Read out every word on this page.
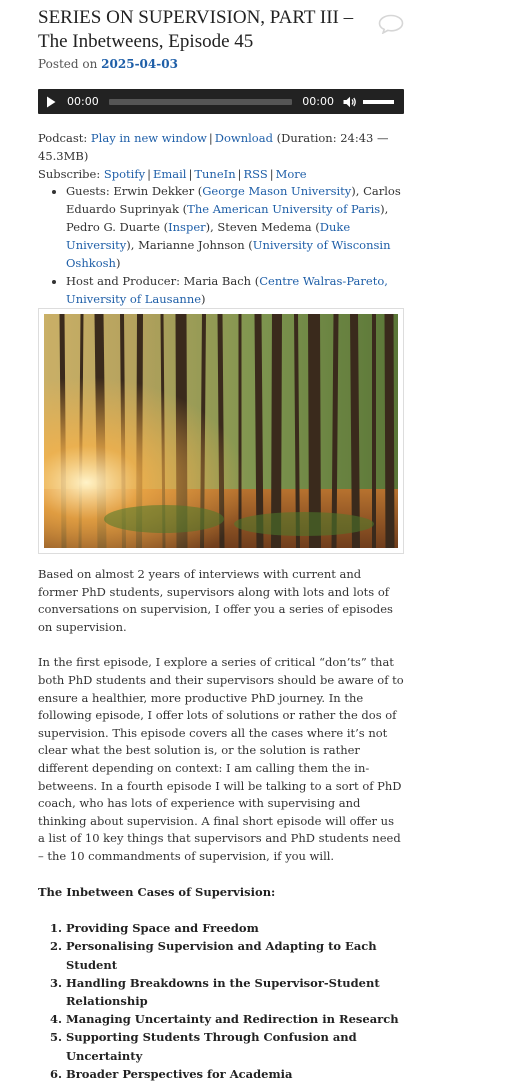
SERIES ON SUPERVISION, PART III – The Inbetweens, Episode 45
Posted on 2025-04-03
00:00	00:00
Podcast: Play in new window | Download (Duration: 24:43 — 45.3MB)
Subscribe: Spotify | Email | TuneIn | RSS | More
• Guests: Erwin Dekker (George Mason University), Carlos Eduardo Suprinyak (The American University of Paris), Pedro G. Duarte (Insper), Steven Medema (Duke University), Marianne Johnson (University of Wisconsin Oshkosh)
• Host and Producer: Maria Bach (Centre Walras-Pareto, University of Lausanne)

Based on almost 2 years of interviews with current and former PhD students, supervisors along with lots and lots of conversations on supervision, I offer you a series of episodes on supervision.

In the first episode, I explore a series of critical “don’ts” that both PhD students and their supervisors should be aware of to ensure a healthier, more productive PhD journey. In the following episode, I offer lots of solutions or rather the dos of supervision. This episode covers all the cases where it’s not clear what the best solution is, or the solution is rather different depending on context: I am calling them the in-betweens. In a fourth episode I will be talking to a sort of PhD coach, who has lots of experience with supervising and thinking about supervision. A final short episode will offer us a list of 10 key things that supervisors and PhD students need – the 10 commandments of supervision, if you will.

The Inbetween Cases of Supervision:

1. Providing Space and Freedom
2. Personalising Supervision and Adapting to Each Student
3. Handling Breakdowns in the Supervisor-Student Relationship
4. Managing Uncertainty and Redirection in Research
5. Supporting Students Through Confusion and Uncertainty
6. Broader Perspectives for Academia
